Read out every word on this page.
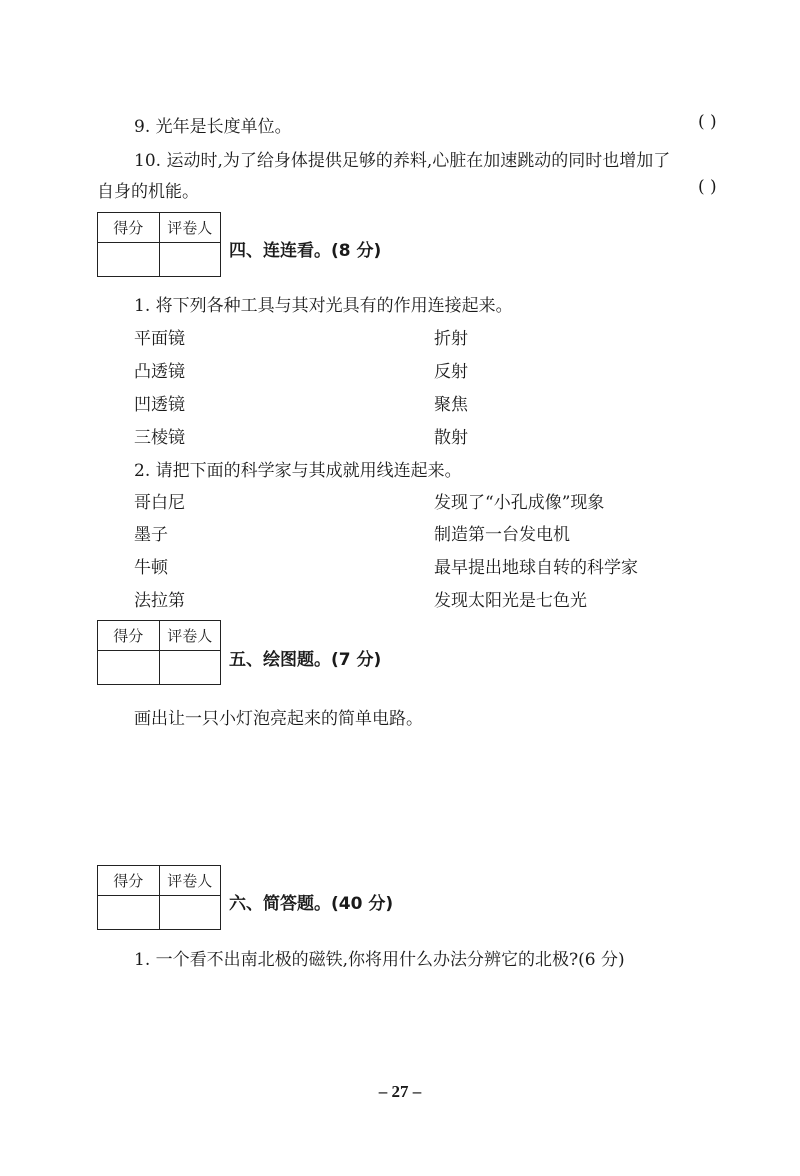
9. 光年是长度单位。	( )
10. 运动时,为了给身体提供足够的养料,心脏在加速跳动的同时也增加了
自身的机能。	( )
得分	评卷人

四、连连看。(8 分)
1. 将下列各种工具与其对光具有的作用连接起来。
平面镜	折射
凸透镜	反射
凹透镜	聚焦
三棱镜	散射
2. 请把下面的科学家与其成就用线连起来。
哥白尼	发现了“小孔成像”现象
墨子	制造第一台发电机
牛顿	最早提出地球自转的科学家
法拉第	发现太阳光是七色光
得分	评卷人

五、绘图题。(7 分)
画出让一只小灯泡亮起来的简单电路。
得分	评卷人

六、简答题。(40 分)
1. 一个看不出南北极的磁铁,你将用什么办法分辨它的北极?(6 分)
– 27 –
